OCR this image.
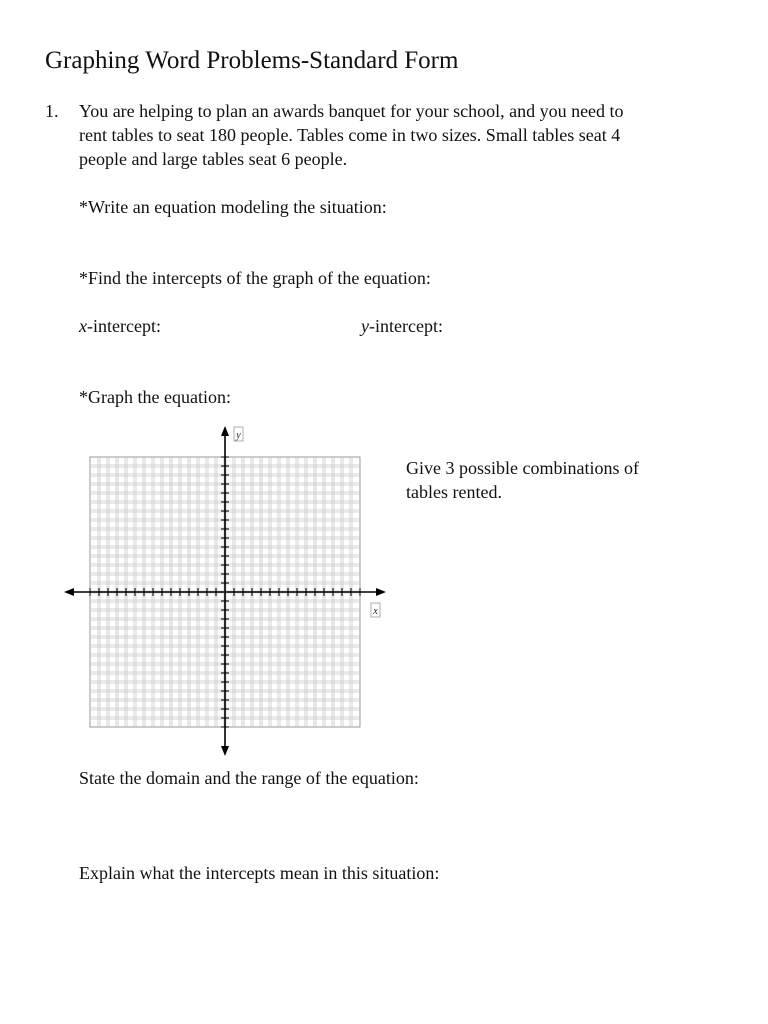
Graphing Word Problems-Standard Form
1. You are helping to plan an awards banquet for your school, and you need to
rent tables to seat 180 people. Tables come in two sizes. Small tables seat 4
people and large tables seat 6 people.
*Write an equation modeling the situation:
*Find the intercepts of the graph of the equation:
x-intercept:	y-intercept:
*Graph the equation:
y
x
Give 3 possible combinations of
tables rented.
State the domain and the range of the equation:
Explain what the intercepts mean in this situation:
